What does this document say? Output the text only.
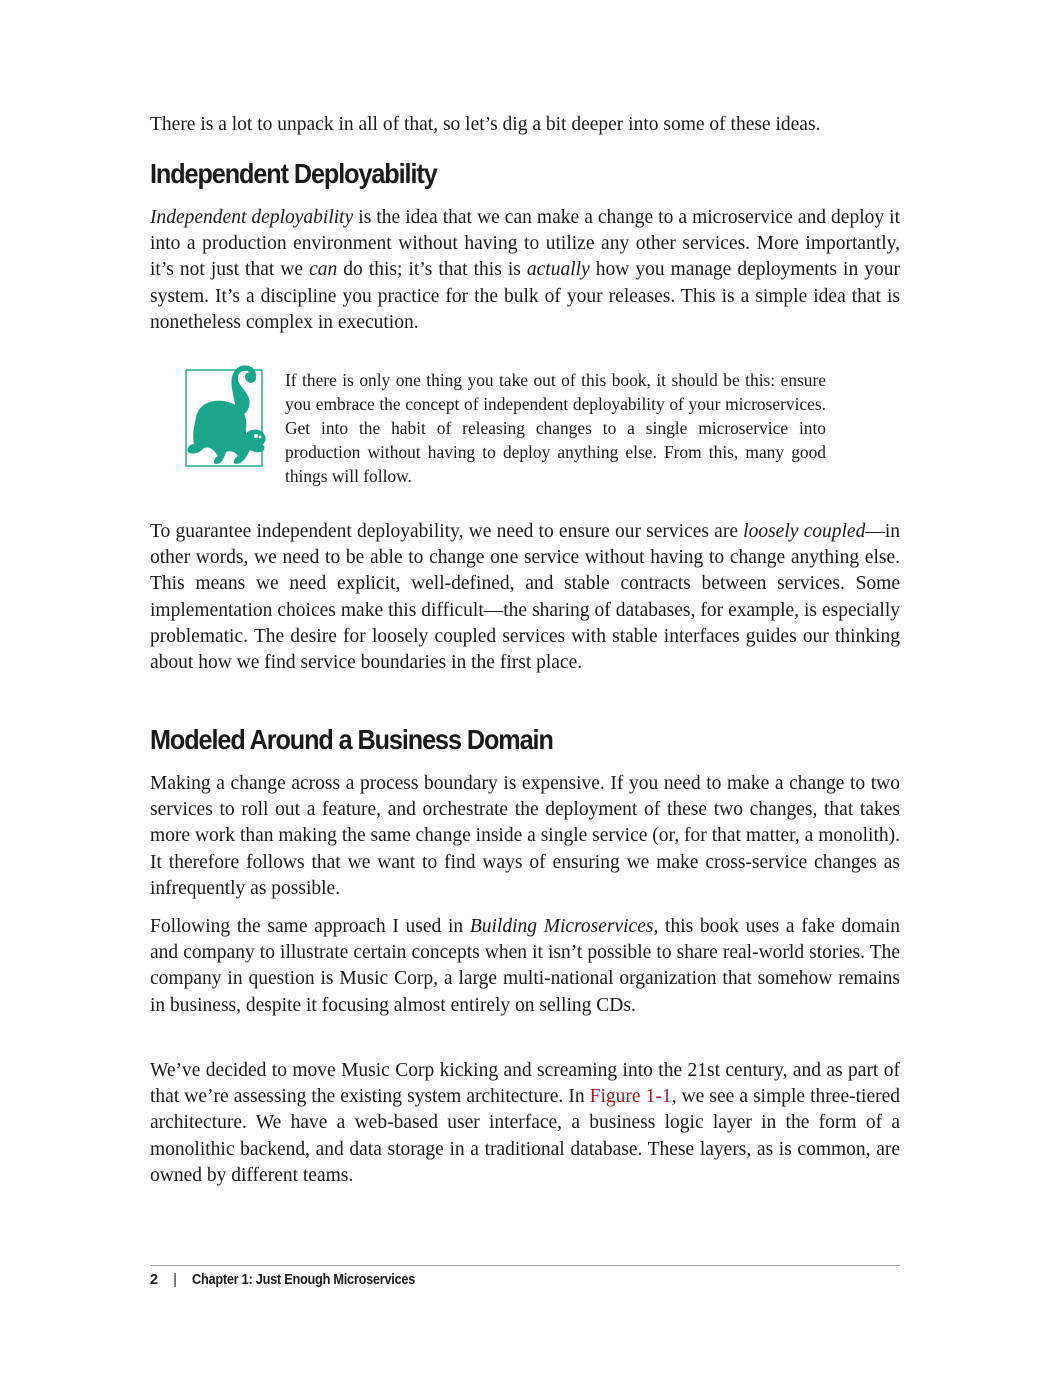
There is a lot to unpack in all of that, so let’s dig a bit deeper into some of these ideas.

Independent Deployability

Independent deployability is the idea that we can make a change to a microservice and deploy it into a production environment without having to utilize any other services. More importantly, it’s not just that we can do this; it’s that this is actually how you manage deployments in your system. It’s a discipline you practice for the bulk of your releases. This is a simple idea that is nonetheless complex in execution.

To guarantee independent deployability, we need to ensure our services are loosely coupled—in other words, we need to be able to change one service without having to change anything else. This means we need explicit, well-defined, and stable contracts between services. Some implementation choices make this difficult—the sharing of databases, for example, is especially problematic. The desire for loosely coupled services with stable interfaces guides our thinking about how we find service boundaries in the first place.

Modeled Around a Business Domain

Making a change across a process boundary is expensive. If you need to make a change to two services to roll out a feature, and orchestrate the deployment of these two changes, that takes more work than making the same change inside a single service (or, for that matter, a monolith). It therefore follows that we want to find ways of ensuring we make cross-service changes as infrequently as possible.

Following the same approach I used in Building Microservices, this book uses a fake domain and company to illustrate certain concepts when it isn’t possible to share real-world stories. The company in question is Music Corp, a large multi-national organization that somehow remains in business, despite it focusing almost entirely on selling CDs.

We’ve decided to move Music Corp kicking and screaming into the 21st century, and as part of that we’re assessing the existing system architecture. In Figure 1-1, we see a simple three-tiered architecture. We have a web-based user interface, a business logic layer in the form of a monolithic backend, and data storage in a traditional database. These layers, as is common, are owned by different teams.

If there is only one thing you take out of this book, it should be this: ensure you embrace the concept of independent deployability of your microservices. Get into the habit of releasing changes to a single microservice into production without having to deploy anything else. From this, many good things will follow.

2 | Chapter 1: Just Enough Microservices
